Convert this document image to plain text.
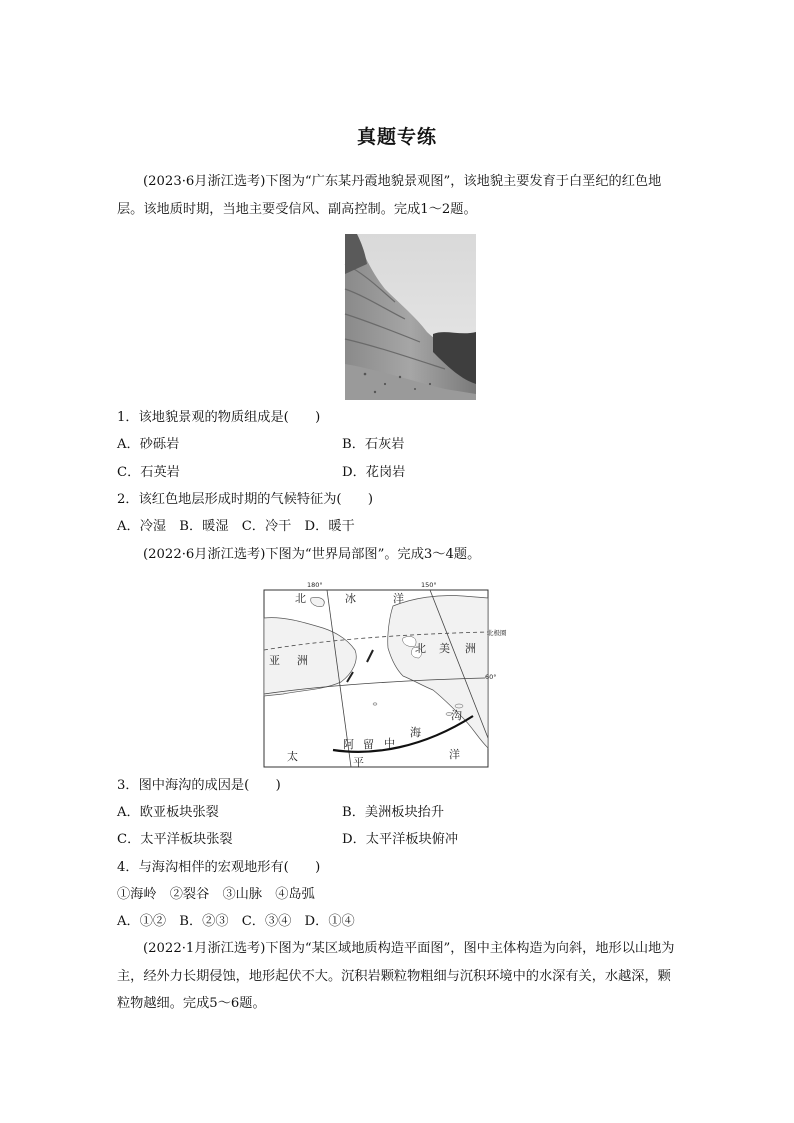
真题专练
(2023·6月浙江选考)下图为“广东某丹霞地貌景观图”，该地貌主要发育于白垩纪的红色地层。该地质时期，当地主要受信风、副高控制。完成1～2题。
1．该地貌景观的物质组成是(　　)
A．砂砾岩	B．石灰岩
C．石英岩	D．花岗岩
2．该红色地层形成时期的气候特征为(　　)
A．冷湿　B．暖湿　C．冷干　D．暖干
(2022·6月浙江选考)下图为“世界局部图”。完成3～4题。
180°	150°
北极圈
60°
北	冰	洋
亚 洲
北 美 洲
阿 留 中
海
沟
太	平
洋
3．图中海沟的成因是(　　)
A．欧亚板块张裂	B．美洲板块抬升
C．太平洋板块张裂	D．太平洋板块俯冲
4．与海沟相伴的宏观地形有(　　)
①海岭　②裂谷　③山脉　④岛弧
A．①②　B．②③　C．③④　D．①④
(2022·1月浙江选考)下图为“某区域地质构造平面图”，图中主体构造为向斜，地形以山地为主，经外力长期侵蚀，地形起伏不大。沉积岩颗粒物粗细与沉积环境中的水深有关，水越深，颗粒物越细。完成5～6题。
